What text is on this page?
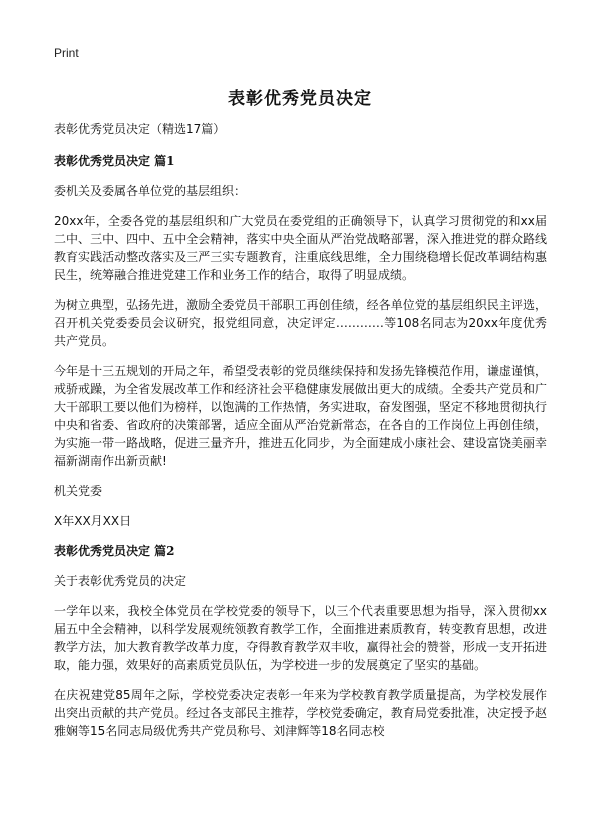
Print
表彰优秀党员决定

表彰优秀党员决定（精选17篇）

表彰优秀党员决定 篇1

委机关及委属各单位党的基层组织：

20xx年，全委各党的基层组织和广大党员在委党组的正确领导下，认真学习贯彻党的和xx届二中、三中、四中、五中全会精神，落实中央全面从严治党战略部署，深入推进党的群众路线教育实践活动整改落实及三严三实专题教育，注重底线思维，全力围绕稳增长促改革调结构惠民生，统筹融合推进党建工作和业务工作的结合，取得了明显成绩。

为树立典型，弘扬先进，激励全委党员干部职工再创佳绩，经各单位党的基层组织民主评选，召开机关党委委员会议研究，报党组同意，决定评定…………等108名同志为20xx年度优秀共产党员。

今年是十三五规划的开局之年，希望受表彰的党员继续保持和发扬先锋模范作用，谦虚谨慎，戒骄戒躁，为全省发展改革工作和经济社会平稳健康发展做出更大的成绩。全委共产党员和广大干部职工要以他们为榜样，以饱满的工作热情，务实进取，奋发图强，坚定不移地贯彻执行中央和省委、省政府的决策部署，适应全面从严治党新常态，在各自的工作岗位上再创佳绩，为实施一带一路战略，促进三量齐升，推进五化同步，为全面建成小康社会、建设富饶美丽幸福新湖南作出新贡献!

机关党委

X年XX月XX日

表彰优秀党员决定 篇2

关于表彰优秀党员的决定

一学年以来，我校全体党员在学校党委的领导下，以三个代表重要思想为指导，深入贯彻xx届五中全会精神，以科学发展观统领教育教学工作，全面推进素质教育，转变教育思想，改进教学方法，加大教育教学改革力度，夺得教育教学双丰收，赢得社会的赞誉，形成一支开拓进取，能力强，效果好的高素质党员队伍，为学校进一步的发展奠定了坚实的基础。

在庆祝建党85周年之际，学校党委决定表彰一年来为学校教育教学质量提高，为学校发展作出突出贡献的共产党员。经过各支部民主推荐，学校党委确定，教育局党委批准，决定授予赵雅娴等15名同志局级优秀共产党员称号、刘津辉等18名同志校
